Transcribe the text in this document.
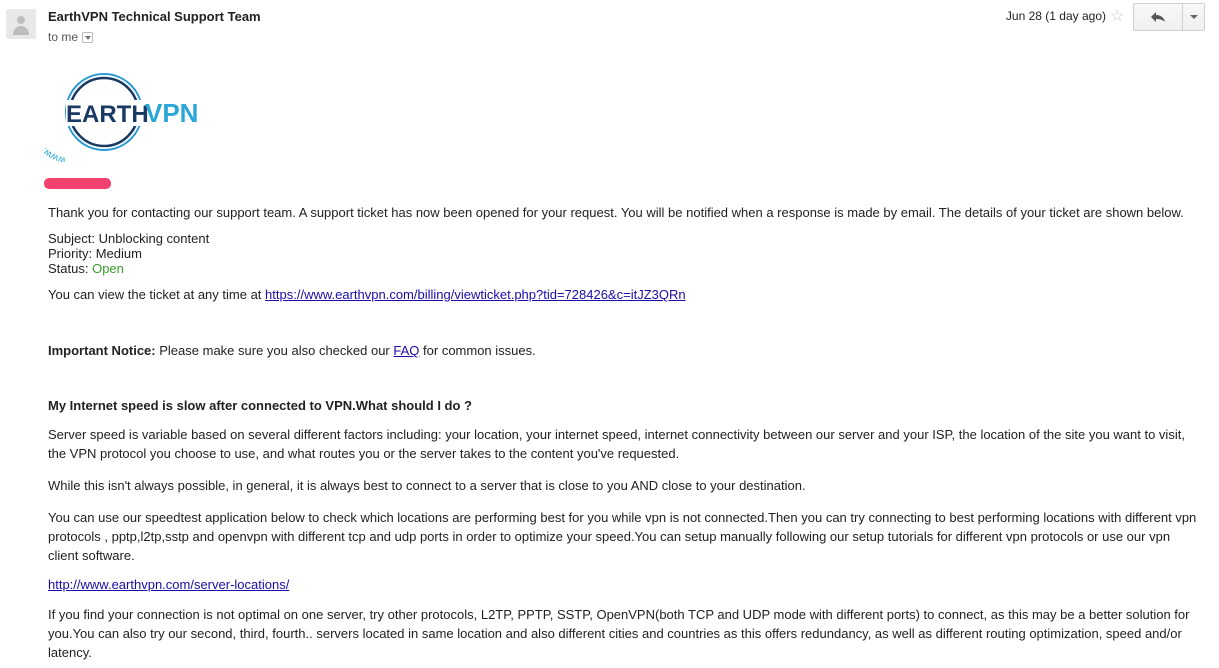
EarthVPN Technical Support Team
to me
Jun 28 (1 day ago) ☆
ww
EARTH
VPN

Thank you for contacting our support team. A support ticket has now been opened for your request. You will be notified when a response is made by email. The details of your ticket are shown below.

Subject: Unblocking content
Priority: Medium
Status: Open

You can view the ticket at any time at https://www.earthvpn.com/billing/viewticket.php?tid=728426&c=itJZ3QRn

Important Notice: Please make sure you also checked our FAQ for common issues.

My Internet speed is slow after connected to VPN.What should I do ?

Server speed is variable based on several different factors including: your location, your internet speed, internet connectivity between our server and your ISP, the location of the site you want to visit, the VPN protocol you choose to use, and what routes you or the server takes to the content you've requested.

While this isn't always possible, in general, it is always best to connect to a server that is close to you AND close to your destination.

You can use our speedtest application below to check which locations are performing best for you while vpn is not connected.Then you can try connecting to best performing locations with different vpn protocols , pptp,l2tp,sstp and openvpn with different tcp and udp ports in order to optimize your speed.You can setup manually following our setup tutorials for different vpn protocols or use our vpn client software.

http://www.earthvpn.com/server-locations/

If you find your connection is not optimal on one server, try other protocols, L2TP, PPTP, SSTP, OpenVPN(both TCP and UDP mode with different ports) to connect, as this may be a better solution for you.You can also try our second, third, fourth.. servers located in same location and also different cities and countries as this offers redundancy, as well as different routing optimization, speed and/or latency.
